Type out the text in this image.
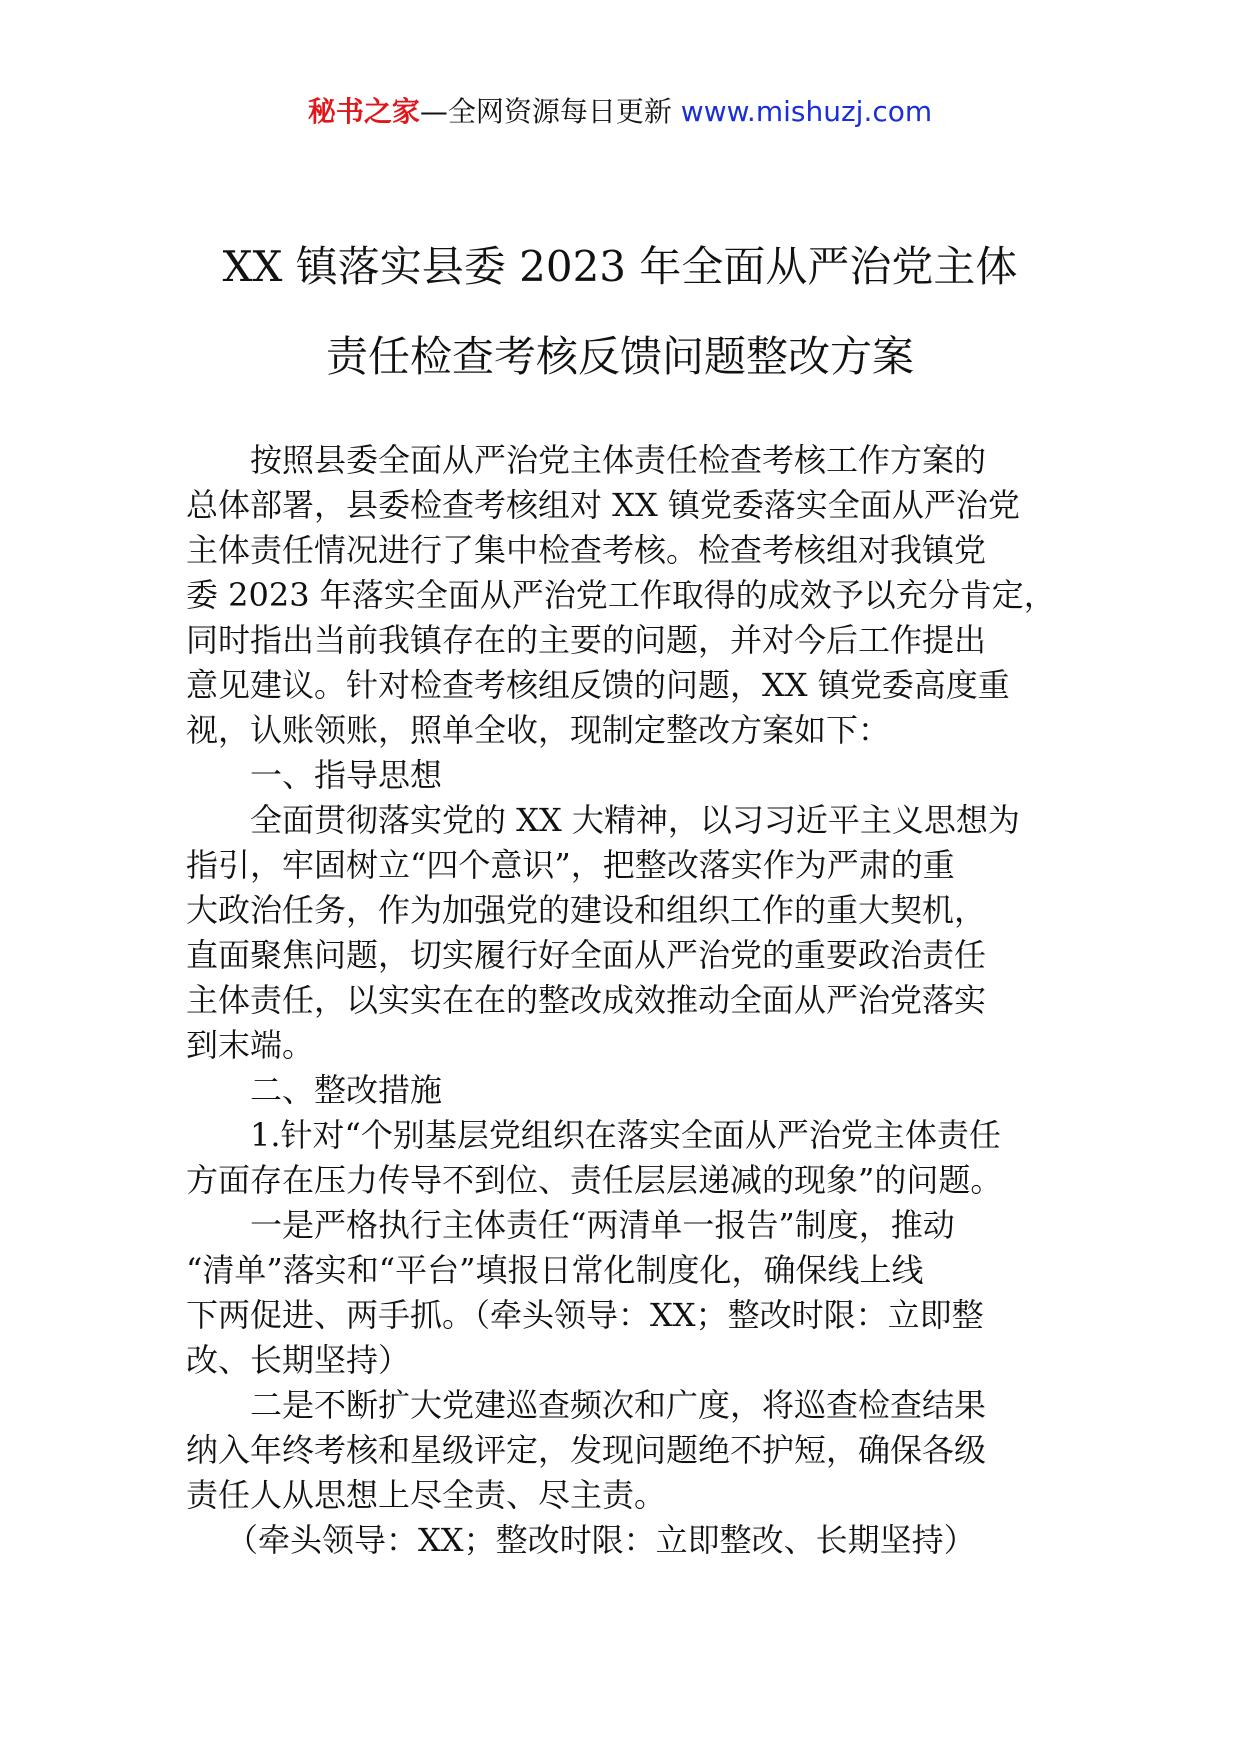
秘书之家—全网资源每日更新 www.mishuzj.com
XX 镇落实县委 2023 年全面从严治党主体
责任检查考核反馈问题整改方案
按照县委全面从严治党主体责任检查考核工作方案的
总体部署，县委检查考核组对 XX 镇党委落实全面从严治党
主体责任情况进行了集中检查考核。检查考核组对我镇党
委 2023 年落实全面从严治党工作取得的成效予以充分肯定，
同时指出当前我镇存在的主要的问题，并对今后工作提出
意见建议。针对检查考核组反馈的问题，XX 镇党委高度重
视，认账领账，照单全收，现制定整改方案如下：
一、指导思想
全面贯彻落实党的 XX 大精神，以习习近平主义思想为
指引，牢固树立“四个意识”，把整改落实作为严肃的重
大政治任务，作为加强党的建设和组织工作的重大契机，
直面聚焦问题，切实履行好全面从严治党的重要政治责任
主体责任，以实实在在的整改成效推动全面从严治党落实
到末端。
二、整改措施
1.针对“个别基层党组织在落实全面从严治党主体责任
方面存在压力传导不到位、责任层层递减的现象”的问题。
一是严格执行主体责任“两清单一报告”制度，推动
“清单”落实和“平台”填报日常化制度化，确保线上线
下两促进、两手抓。（牵头领导：XX；整改时限：立即整
改、长期坚持）
二是不断扩大党建巡查频次和广度，将巡查检查结果
纳入年终考核和星级评定，发现问题绝不护短，确保各级
责任人从思想上尽全责、尽主责。
（牵头领导：XX；整改时限：立即整改、长期坚持）
